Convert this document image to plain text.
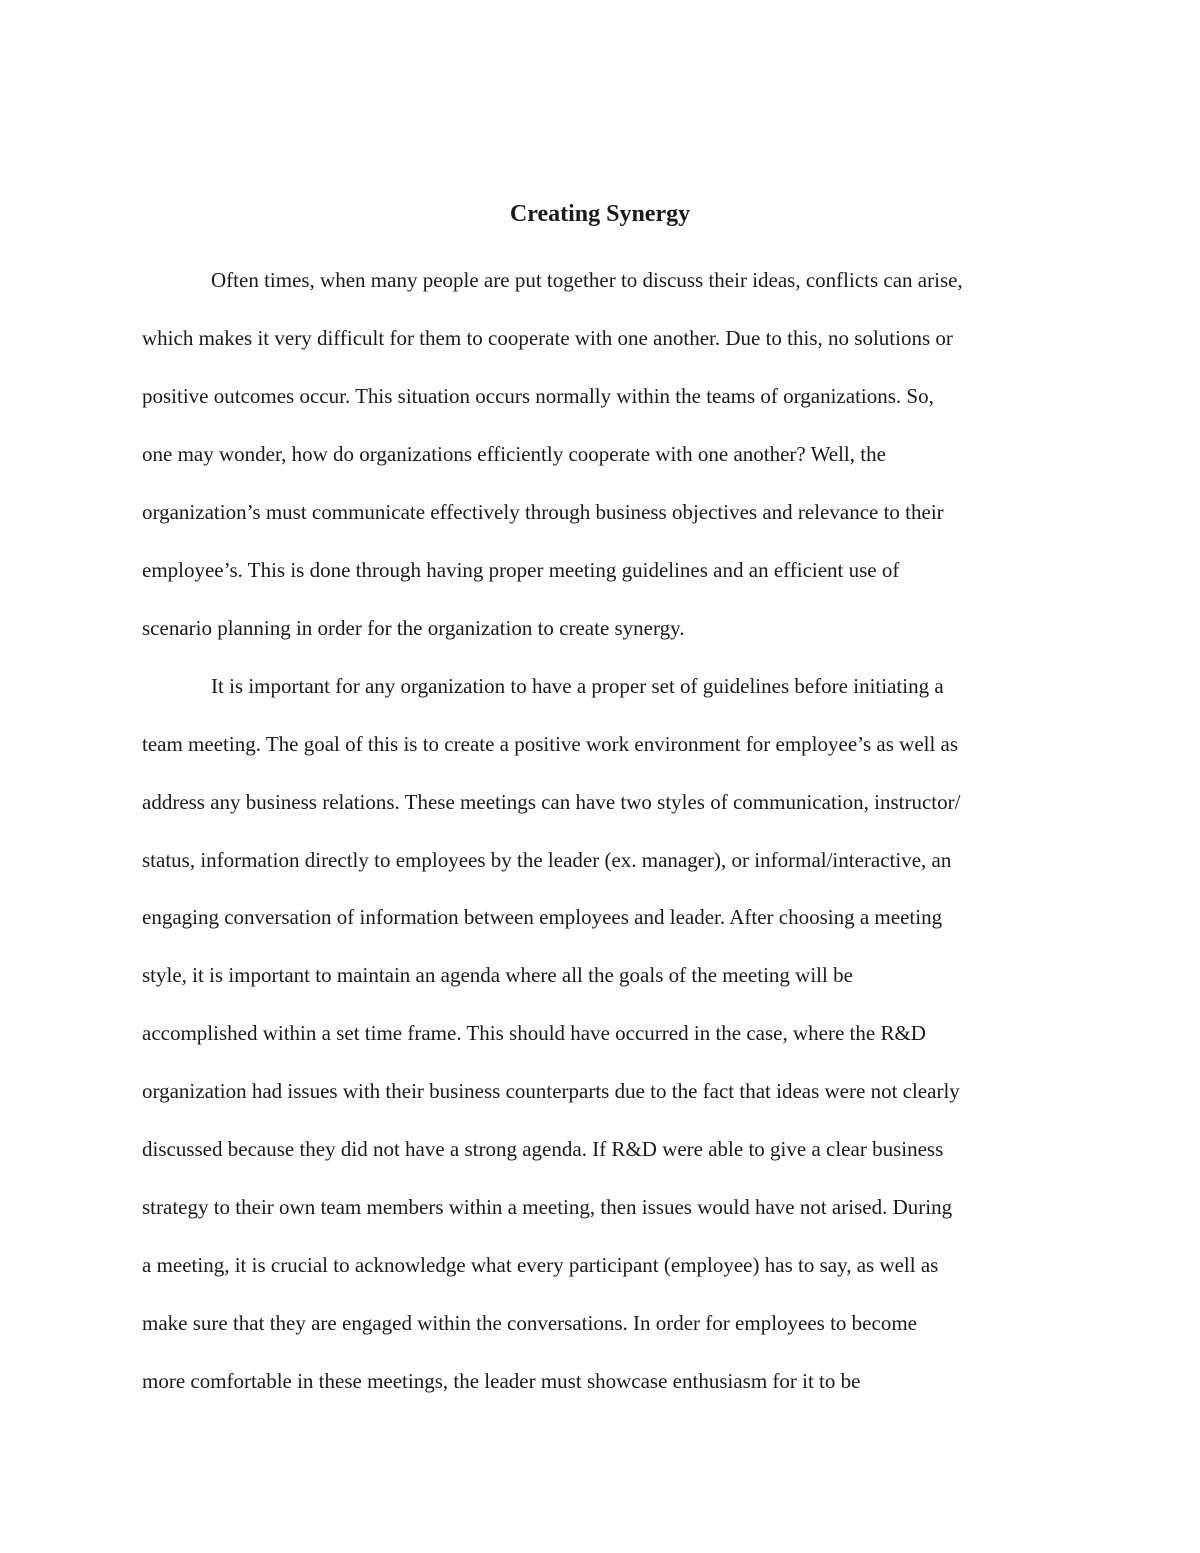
Creating Synergy

Often times, when many people are put together to discuss their ideas, conflicts can arise,

which makes it very difficult for them to cooperate with one another. Due to this, no solutions or

positive outcomes occur. This situation occurs normally within the teams of organizations. So,

one may wonder, how do organizations efficiently cooperate with one another? Well, the

organization’s must communicate effectively through business objectives and relevance to their

employee’s. This is done through having proper meeting guidelines and an efficient use of

scenario planning in order for the organization to create synergy.

It is important for any organization to have a proper set of guidelines before initiating a

team meeting. The goal of this is to create a positive work environment for employee’s as well as

address any business relations. These meetings can have two styles of communication, instructor/

status, information directly to employees by the leader (ex. manager), or informal/interactive, an

engaging conversation of information between employees and leader. After choosing a meeting

style, it is important to maintain an agenda where all the goals of the meeting will be

accomplished within a set time frame. This should have occurred in the case, where the R&D

organization had issues with their business counterparts due to the fact that ideas were not clearly

discussed because they did not have a strong agenda. If R&D were able to give a clear business

strategy to their own team members within a meeting, then issues would have not arised. During

a meeting, it is crucial to acknowledge what every participant (employee) has to say, as well as

make sure that they are engaged within the conversations. In order for employees to become

more comfortable in these meetings, the leader must showcase enthusiasm for it to be
